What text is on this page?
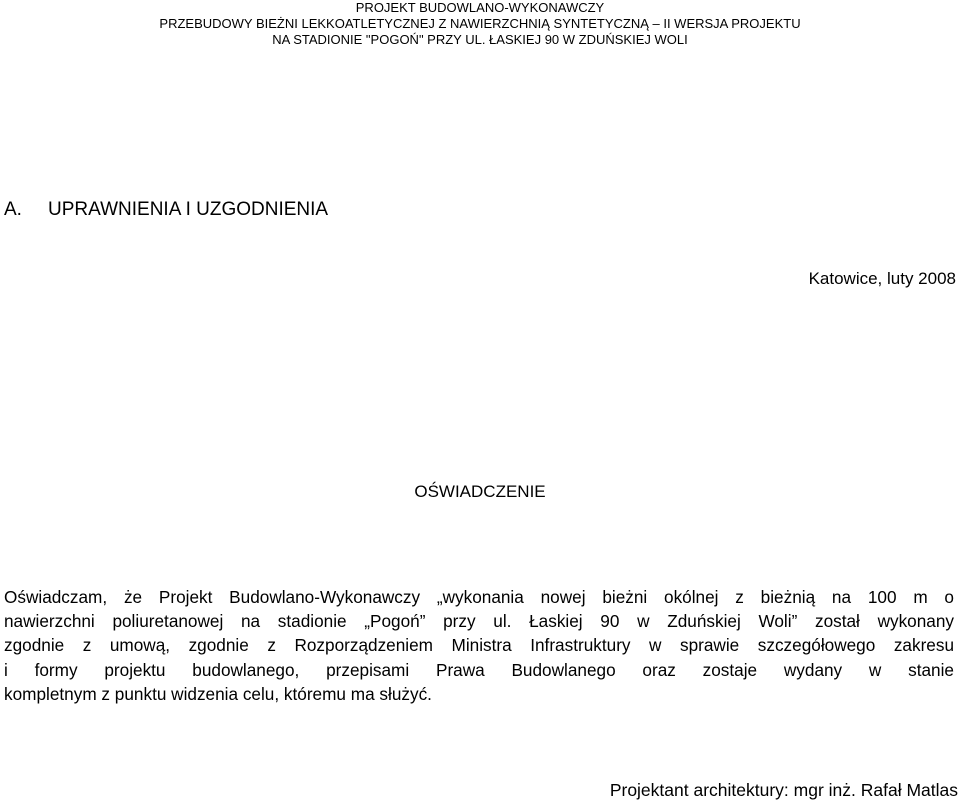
PROJEKT BUDOWLANO-WYKONAWCZY
PRZEBUDOWY BIEŻNI LEKKOATLETYCZNEJ Z NAWIERZCHNIĄ SYNTETYCZNĄ – II WERSJA PROJEKTU
NA STADIONIE "POGOŃ" PRZY UL. ŁASKIEJ 90 W ZDUŃSKIEJ WOLI
A. UPRAWNIENIA I UZGODNIENIA
Katowice, luty 2008
OŚWIADCZENIE
Oświadczam, że Projekt Budowlano-Wykonawczy „wykonania nowej bieżni okólnej z bieżnią na 100 m o
nawierzchni poliuretanowej na stadionie „Pogoń” przy ul. Łaskiej 90 w Zduńskiej Woli” został wykonany
zgodnie z umową, zgodnie z Rozporządzeniem Ministra Infrastruktury w sprawie szczegółowego zakresu
i formy projektu budowlanego, przepisami Prawa Budowlanego oraz zostaje wydany w stanie
kompletnym z punktu widzenia celu, któremu ma służyć.
Projektant architektury: mgr inż. Rafał Matlas
